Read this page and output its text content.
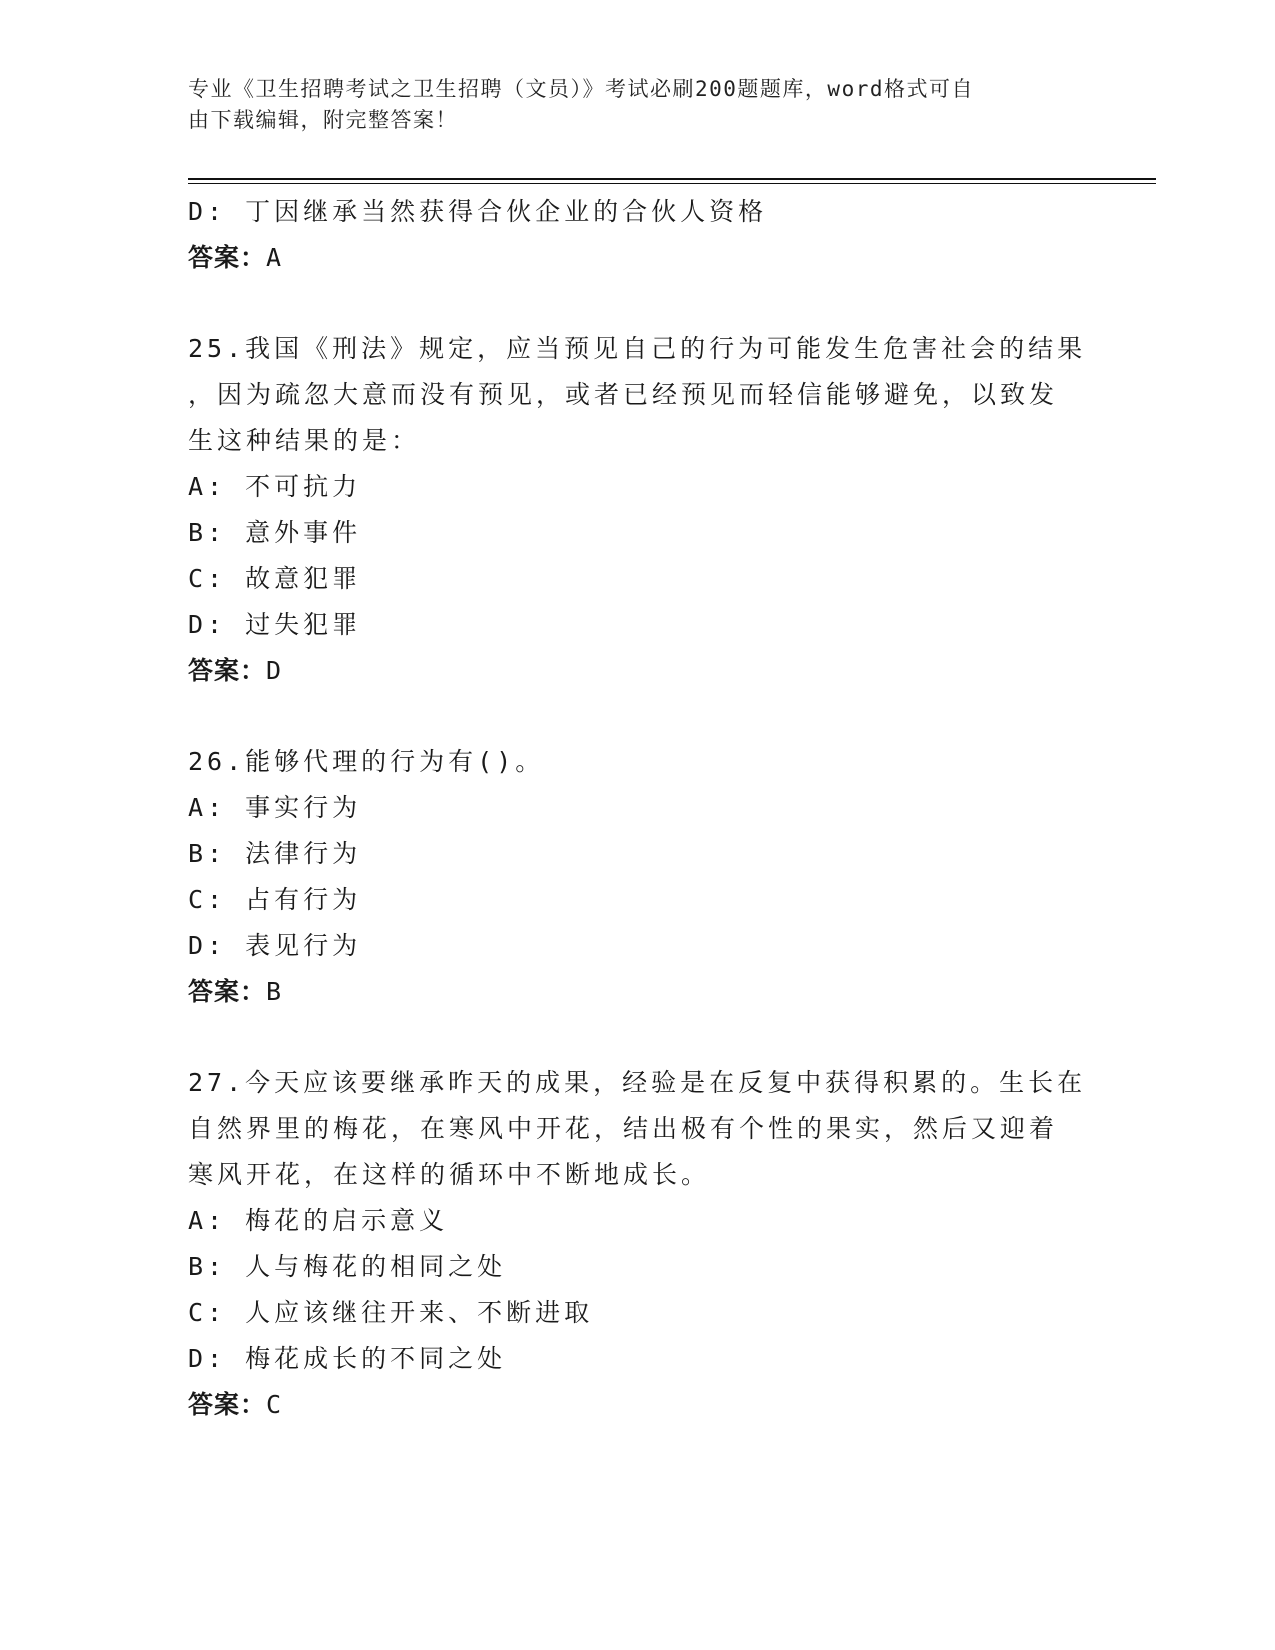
专业《卫生招聘考试之卫生招聘（文员）》考试必刷200题题库，word格式可自
由下载编辑，附完整答案！
D: 丁因继承当然获得合伙企业的合伙人资格
答案：A
25.我国《刑法》规定，应当预见自己的行为可能发生危害社会的结果
，因为疏忽大意而没有预见，或者已经预见而轻信能够避免，以致发
生这种结果的是：
A: 不可抗力
B: 意外事件
C: 故意犯罪
D: 过失犯罪
答案：D
26.能够代理的行为有()。
A: 事实行为
B: 法律行为
C: 占有行为
D: 表见行为
答案：B
27.今天应该要继承昨天的成果，经验是在反复中获得积累的。生长在
自然界里的梅花，在寒风中开花，结出极有个性的果实，然后又迎着
寒风开花，在这样的循环中不断地成长。
A: 梅花的启示意义
B: 人与梅花的相同之处
C: 人应该继往开来、不断进取
D: 梅花成长的不同之处
答案：C
